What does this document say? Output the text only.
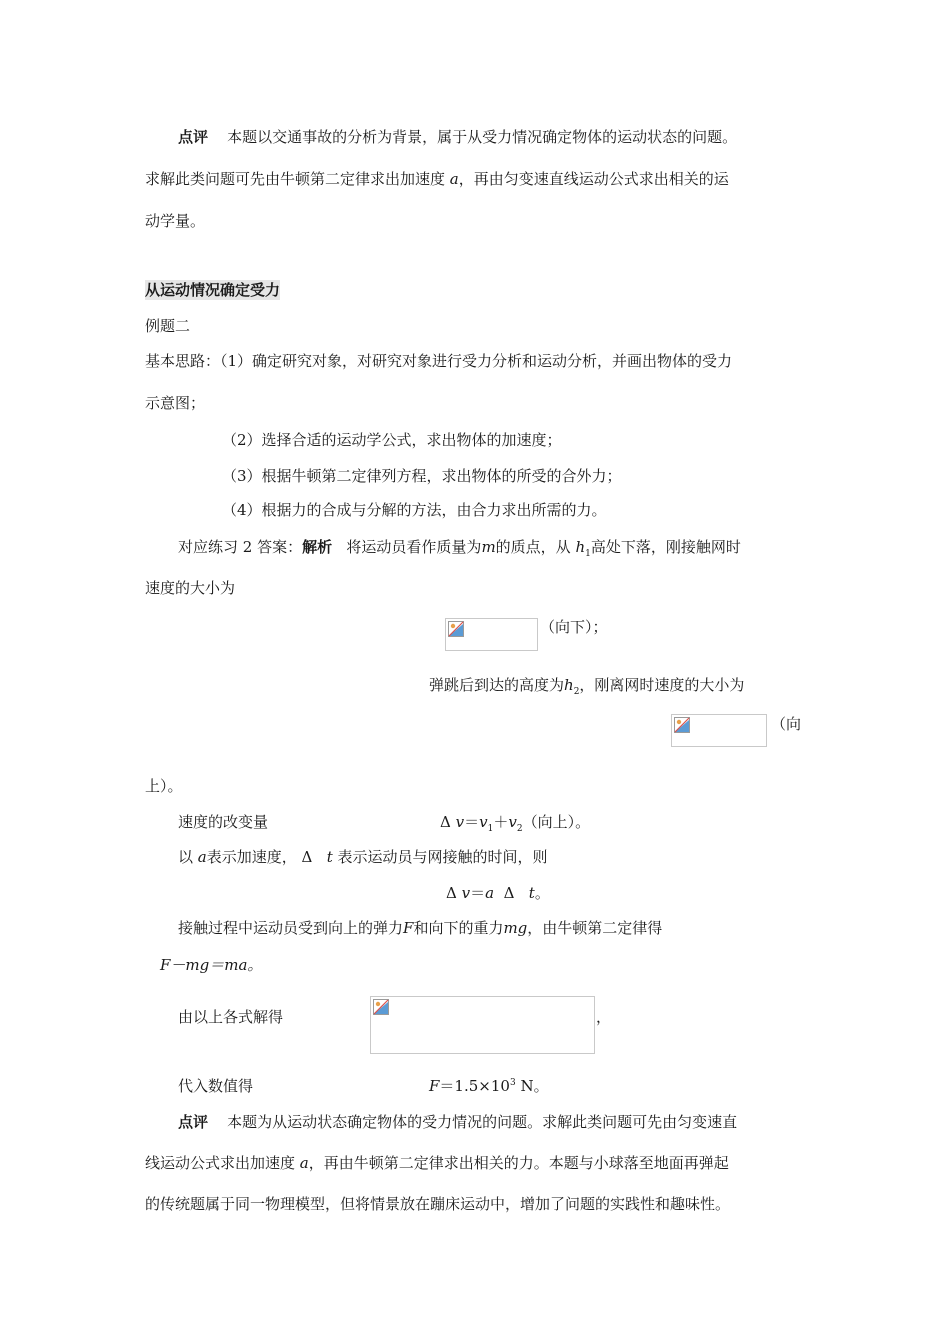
点评 本题以交通事故的分析为背景，属于从受力情况确定物体的运动状态的问题。
求解此类问题可先由牛顿第二定律求出加速度 a，再由匀变速直线运动公式求出相关的运
动学量。
从运动情况确定受力
例题二
基本思路：（1）确定研究对象，对研究对象进行受力分析和运动分析，并画出物体的受力
示意图；
（2）选择合适的运动学公式，求出物体的加速度；
（3）根据牛顿第二定律列方程，求出物体的所受的合外力；
（4）根据力的合成与分解的方法，由合力求出所需的力。
对应练习 2 答案：解析 将运动员看作质量为m的质点，从 $h_1$高处下落，刚接触网时
速度的大小为
（向下）；
弹跳后到达的高度为$h_2$，刚离网时速度的大小为
（向
上）。
速度的改变量	Δ $v=v_1+v_2$（向上）。
以 a表示加速度， Δ t 表示运动员与网接触的时间，则
Δ v＝a Δ t。
接触过程中运动员受到向上的弹力F和向下的重力mg，由牛顿第二定律得
F－mg＝ma。
由以上各式解得	，
代入数值得	$F=1.5\times 10^3$ N。
点评 本题为从运动状态确定物体的受力情况的问题。求解此类问题可先由匀变速直
线运动公式求出加速度 a，再由牛顿第二定律求出相关的力。本题与小球落至地面再弹起
的传统题属于同一物理模型，但将情景放在蹦床运动中，增加了问题的实践性和趣味性。
